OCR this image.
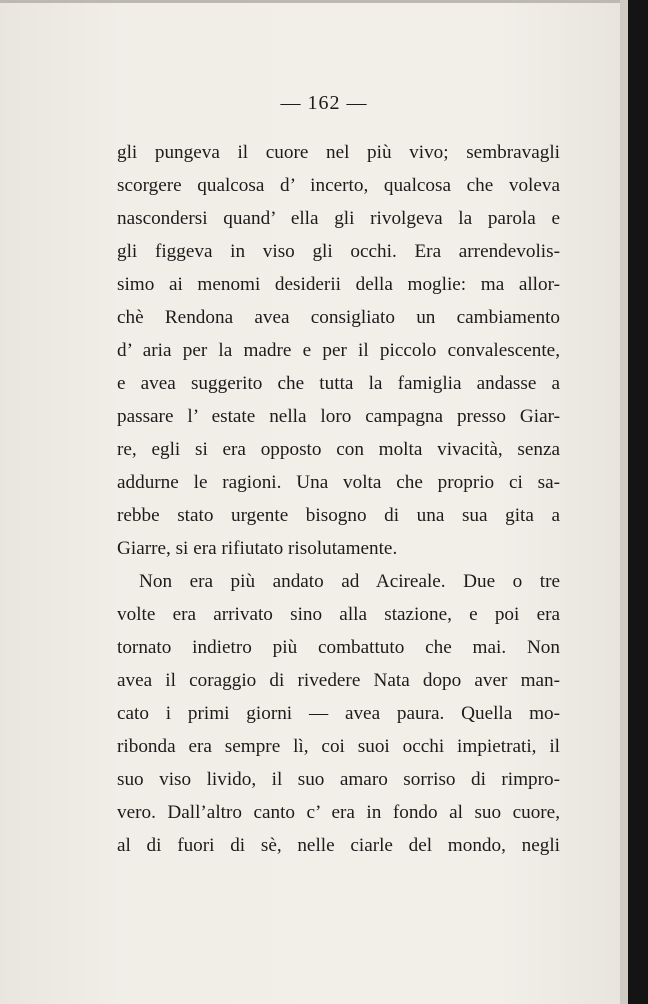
— 162 —
gli pungeva il cuore nel più vivo; sembravagli
scorgere qualcosa d’ incerto, qualcosa che voleva
nascondersi quand’ ella gli rivolgeva la parola e
gli figgeva in viso gli occhi. Era arrendevolis-
simo ai menomi desiderii della moglie: ma allor-
chè Rendona avea consigliato un cambiamento
d’ aria per la madre e per il piccolo convalescente,
e avea suggerito che tutta la famiglia andasse a
passare l’ estate nella loro campagna presso Giar-
re, egli si era opposto con molta vivacità, senza
addurne le ragioni. Una volta che proprio ci sa-
rebbe stato urgente bisogno di una sua gita a
Giarre, si era rifiutato risolutamente.
Non era più andato ad Acireale. Due o tre
volte era arrivato sino alla stazione, e poi era
tornato indietro più combattuto che mai. Non
avea il coraggio di rivedere Nata dopo aver man-
cato i primi giorni — avea paura. Quella mo-
ribonda era sempre lì, coi suoi occhi impietrati, il
suo viso livido, il suo amaro sorriso di rimpro-
vero. Dall’altro canto c’ era in fondo al suo cuore,
al di fuori di sè, nelle ciarle del mondo, negli
